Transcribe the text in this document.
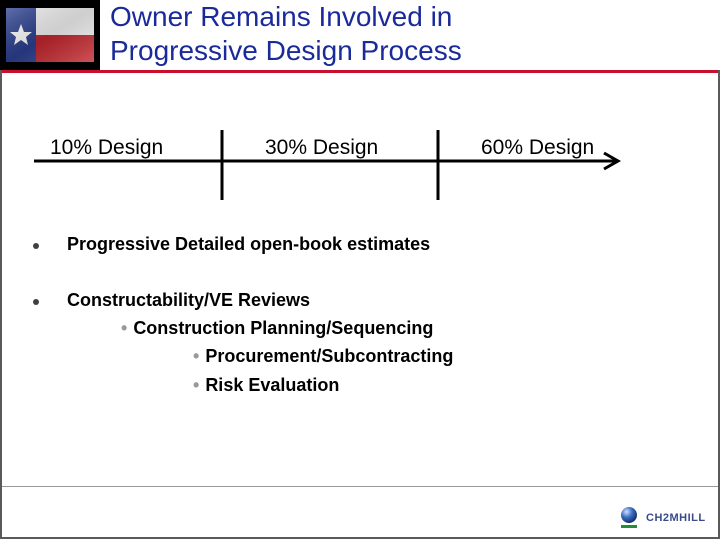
Owner Remains Involved in
Progressive Design Process
10% Design	30% Design	60% Design
Progressive Detailed open-book estimates
Constructability/VE Reviews
• Construction Planning/Sequencing
• Procurement/Subcontracting
• Risk Evaluation
CH2MHILL
